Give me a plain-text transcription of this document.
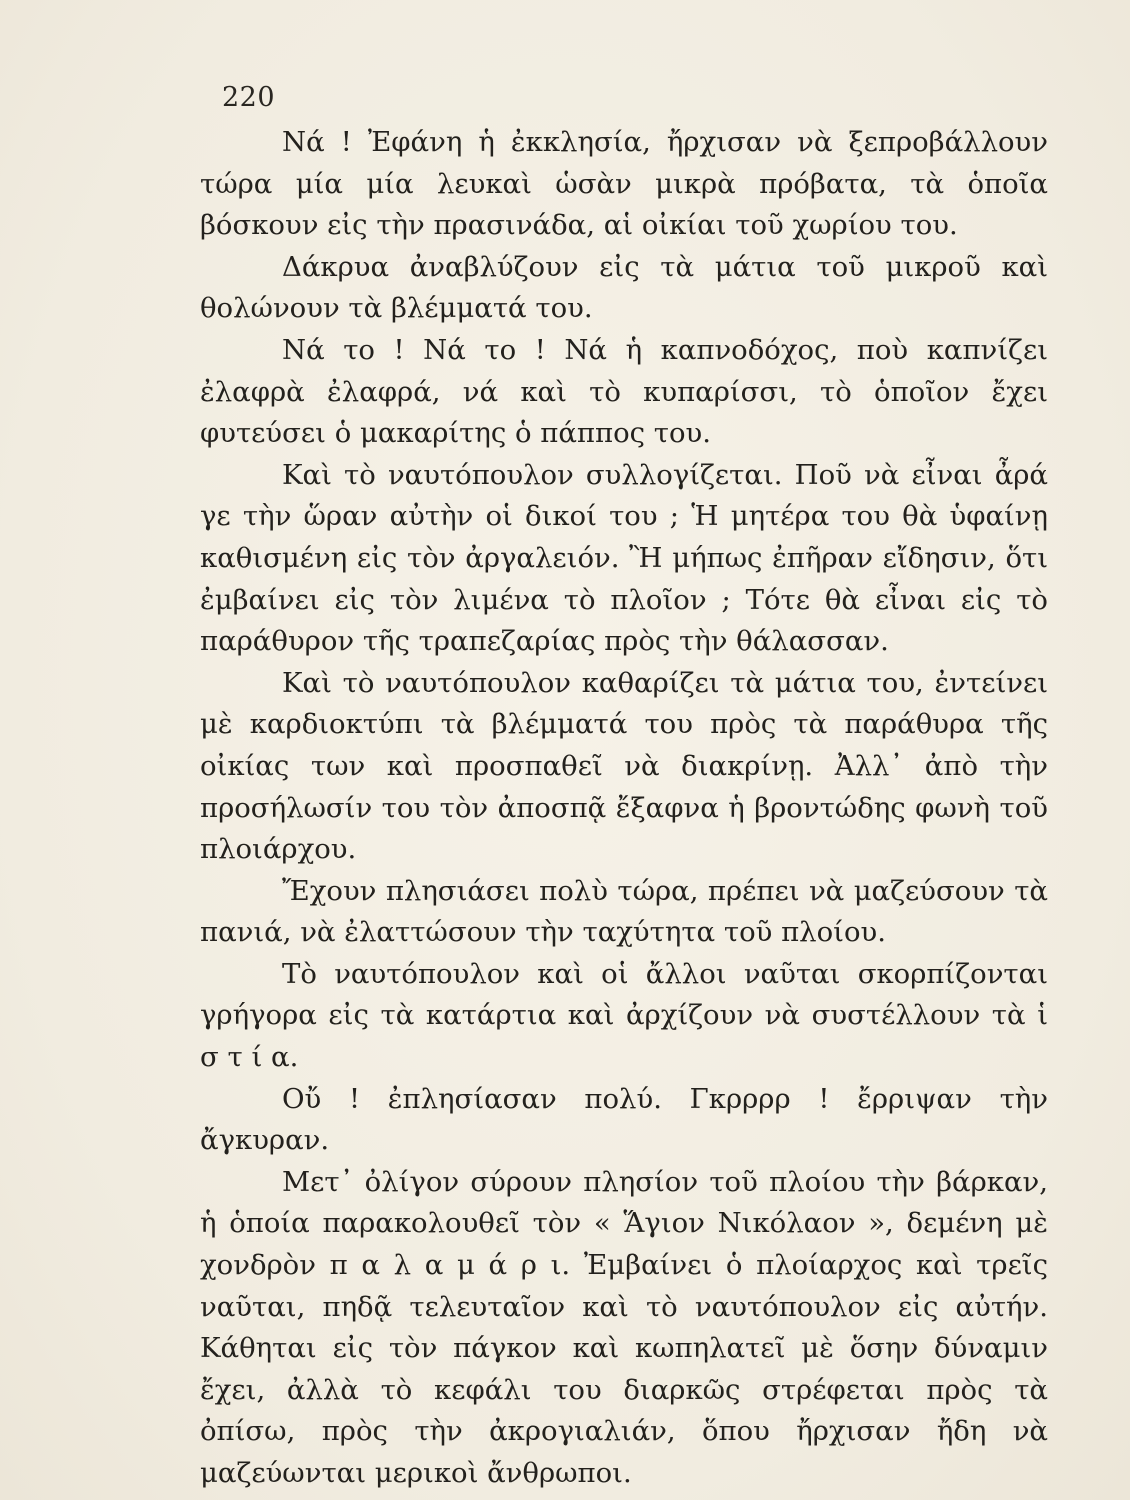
220

Νά ! Ἐφάνη ἡ ἐκκλησία, ἤρχισαν νὰ ξεπροβάλλουν τώρα μία μία λευκαὶ ὡσὰν μικρὰ πρόβατα, τὰ ὁποῖα βόσκουν εἰς τὴν πρασινάδα, αἱ οἰκίαι τοῦ χωρίου του.

Δάκρυα ἀναβλύζουν εἰς τὰ μάτια τοῦ μικροῦ καὶ θολώνουν τὰ βλέμματά του.

Νά το ! Νά το ! Νά ἡ καπνοδόχος, ποὺ καπνίζει ἐλαφρὰ ἐλαφρά, νά καὶ τὸ κυπαρίσσι, τὸ ὁποῖον ἔχει φυτεύσει ὁ μακαρίτης ὁ πάππος του.

Καὶ τὸ ναυτόπουλον συλλογίζεται. Ποῦ νὰ εἶναι ἆρά γε τὴν ὥραν αὐτὴν οἱ δικοί του ; Ἡ μητέρα του θὰ ὑφαίνῃ καθισμένη εἰς τὸν ἀργαλειόν. Ἢ μήπως ἐπῆραν εἴδησιν, ὅτι ἐμβαίνει εἰς τὸν λιμένα τὸ πλοῖον ; Τότε θὰ εἶναι εἰς τὸ παράθυρον τῆς τραπεζαρίας πρὸς τὴν θάλασσαν.

Καὶ τὸ ναυτόπουλον καθαρίζει τὰ μάτια του, ἐντείνει μὲ καρδιοκτύπι τὰ βλέμματά του πρὸς τὰ παράθυρα τῆς οἰκίας των καὶ προσπαθεῖ νὰ διακρίνῃ. Ἀλλ᾽ ἀπὸ τὴν προσήλωσίν του τὸν ἀποσπᾷ ἔξαφνα ἡ βροντώδης φωνὴ τοῦ πλοιάρχου.

Ἔχουν πλησιάσει πολὺ τώρα, πρέπει νὰ μαζεύσουν τὰ πανιά, νὰ ἐλαττώσουν τὴν ταχύτητα τοῦ πλοίου.

Τὸ ναυτόπουλον καὶ οἱ ἄλλοι ναῦται σκορπίζονται γρήγορα εἰς τὰ κατάρτια καὶ ἀρχίζουν νὰ συστέλλουν τὰ ἱ σ τ ί α.

Οὔ ! ἐπλησίασαν πολύ. Γκρρρρ ! ἔρριψαν τὴν ἄγκυραν.

Μετ᾽ ὀλίγον σύρουν πλησίον τοῦ πλοίου τὴν βάρκαν, ἡ ὁποία παρακολουθεῖ τὸν « Ἅγιον Νικόλαον », δεμένη μὲ χονδρὸν π α λ α μ ά ρ ι. Ἐμβαίνει ὁ πλοίαρχος καὶ τρεῖς ναῦται, πηδᾷ τελευταῖον καὶ τὸ ναυτόπουλον εἰς αὐτήν. Κάθηται εἰς τὸν πάγκον καὶ κωπηλατεῖ μὲ ὅσην δύναμιν ἔχει, ἀλλὰ τὸ κεφάλι του διαρκῶς στρέφεται πρὸς τὰ ὀπίσω, πρὸς τὴν ἀκρογιαλιάν, ὅπου ἤρχισαν ἤδη νὰ μαζεύωνται μερικοὶ ἄνθρωποι.
